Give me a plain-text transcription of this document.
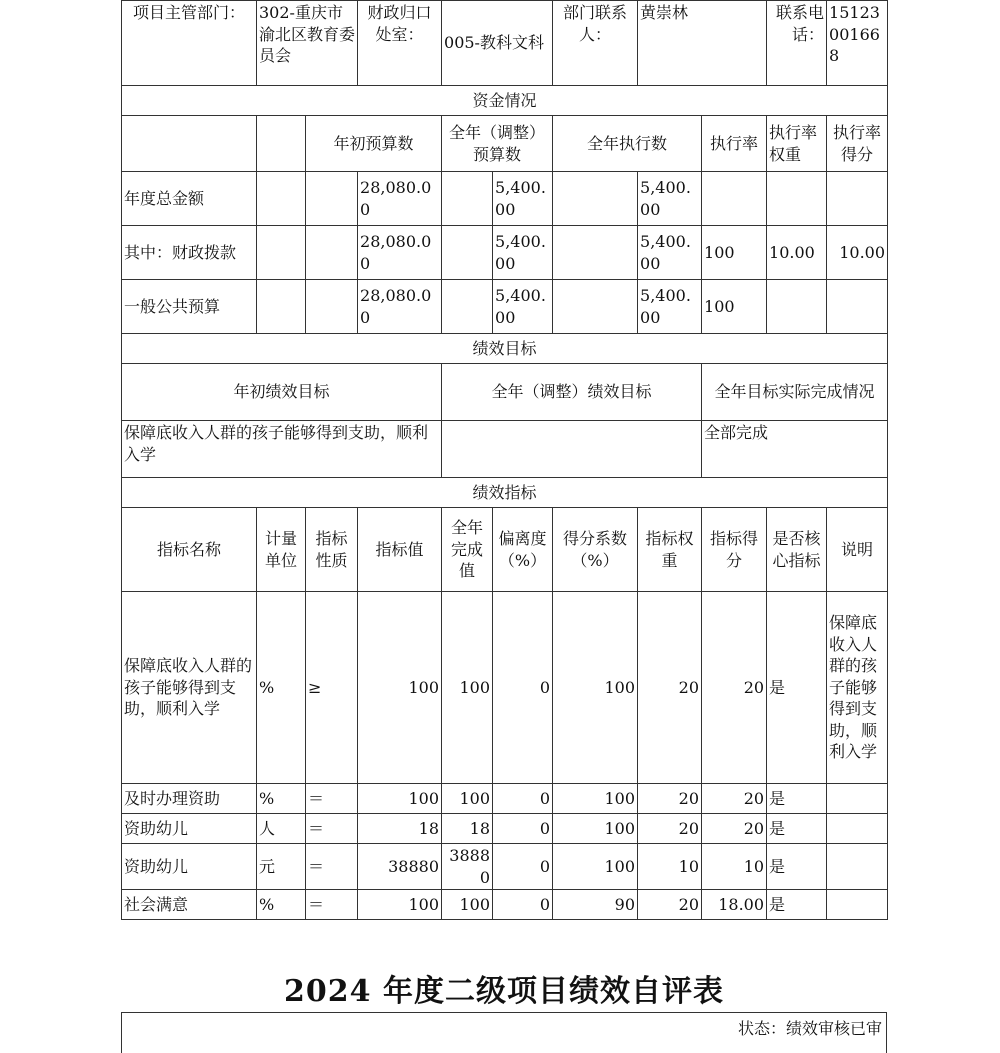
项目主管部门：	302-重庆市渝北区教育委员会		财政归口处室：	005-教科文科		部门联系人：	黄崇林		联系电话：	15123001668
资金情况										
		年初预算数		全年（调整）预算数		全年执行数		执行率	执行率权重	执行率得分
年度总金额			28,080.00		5,400.00		5,400.00			
其中：财政拨款			28,080.00		5,400.00		5,400.00	100	10.00	10.00
一般公共预算			28,080.00		5,400.00		5,400.00	100		
绩效目标										
年初绩效目标				全年（调整）绩效目标				全年目标实际完成情况		
保障底收入人群的孩子能够得到支助，顺利入学								全部完成		
绩效指标										
指标名称	计量单位	指标性质	指标值	全年完成值	偏离度（%）	得分系数（%）	指标权重	指标得分	是否核心指标	说明
保障底收入人群的孩子能够得到支助，顺利入学	%	≥	100	100	0	100	20	20	是	保障底收入人群的孩子能够得到支助，顺利入学
及时办理资助	%	＝	100	100	0	100	20	20	是	
资助幼儿	人	＝	18	18	0	100	20	20	是	
资助幼儿	元	＝	38880	38880	0	100	10	10	是	
社会满意	%	＝	100	100	0	90	20	18.00	是	
2024 年度二级项目绩效自评表
状态：绩效审核已审
